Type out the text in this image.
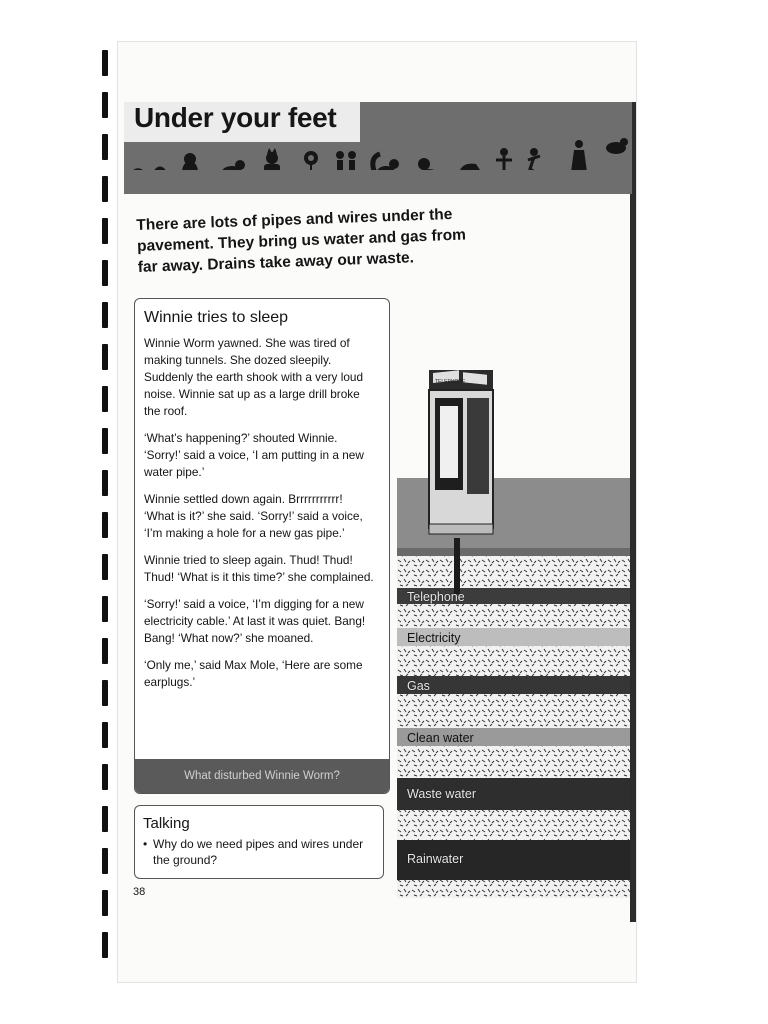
Under your feet
There are lots of pipes and wires under the pavement. They bring us water and gas from far away. Drains take away our waste.
Winnie tries to sleep

Winnie Worm yawned. She was tired of making tunnels. She dozed sleepily. Suddenly the earth shook with a very loud noise. Winnie sat up as a large drill broke the roof.

‘What’s happening?’ shouted Winnie. ‘Sorry!’ said a voice, ‘I am putting in a new water pipe.’

Winnie settled down again. Brrrrrrrrrrr! ‘What is it?’ she said. ‘Sorry!’ said a voice, ‘I’m making a hole for a new gas pipe.’

Winnie tried to sleep again. Thud! Thud! Thud! ‘What is it this time?’ she complained.

‘Sorry!’ said a voice, ‘I’m digging for a new electricity cable.’ At last it was quiet. Bang! Bang! ‘What now?’ she moaned.

‘Only me,’ said Max Mole, ‘Here are some earplugs.’

What disturbed Winnie Worm?
Talking
• Why do we need pipes and wires under the ground?
38
TELEPHONE
Telephone
Electricity
Gas
Clean water
Waste water
Rainwater
